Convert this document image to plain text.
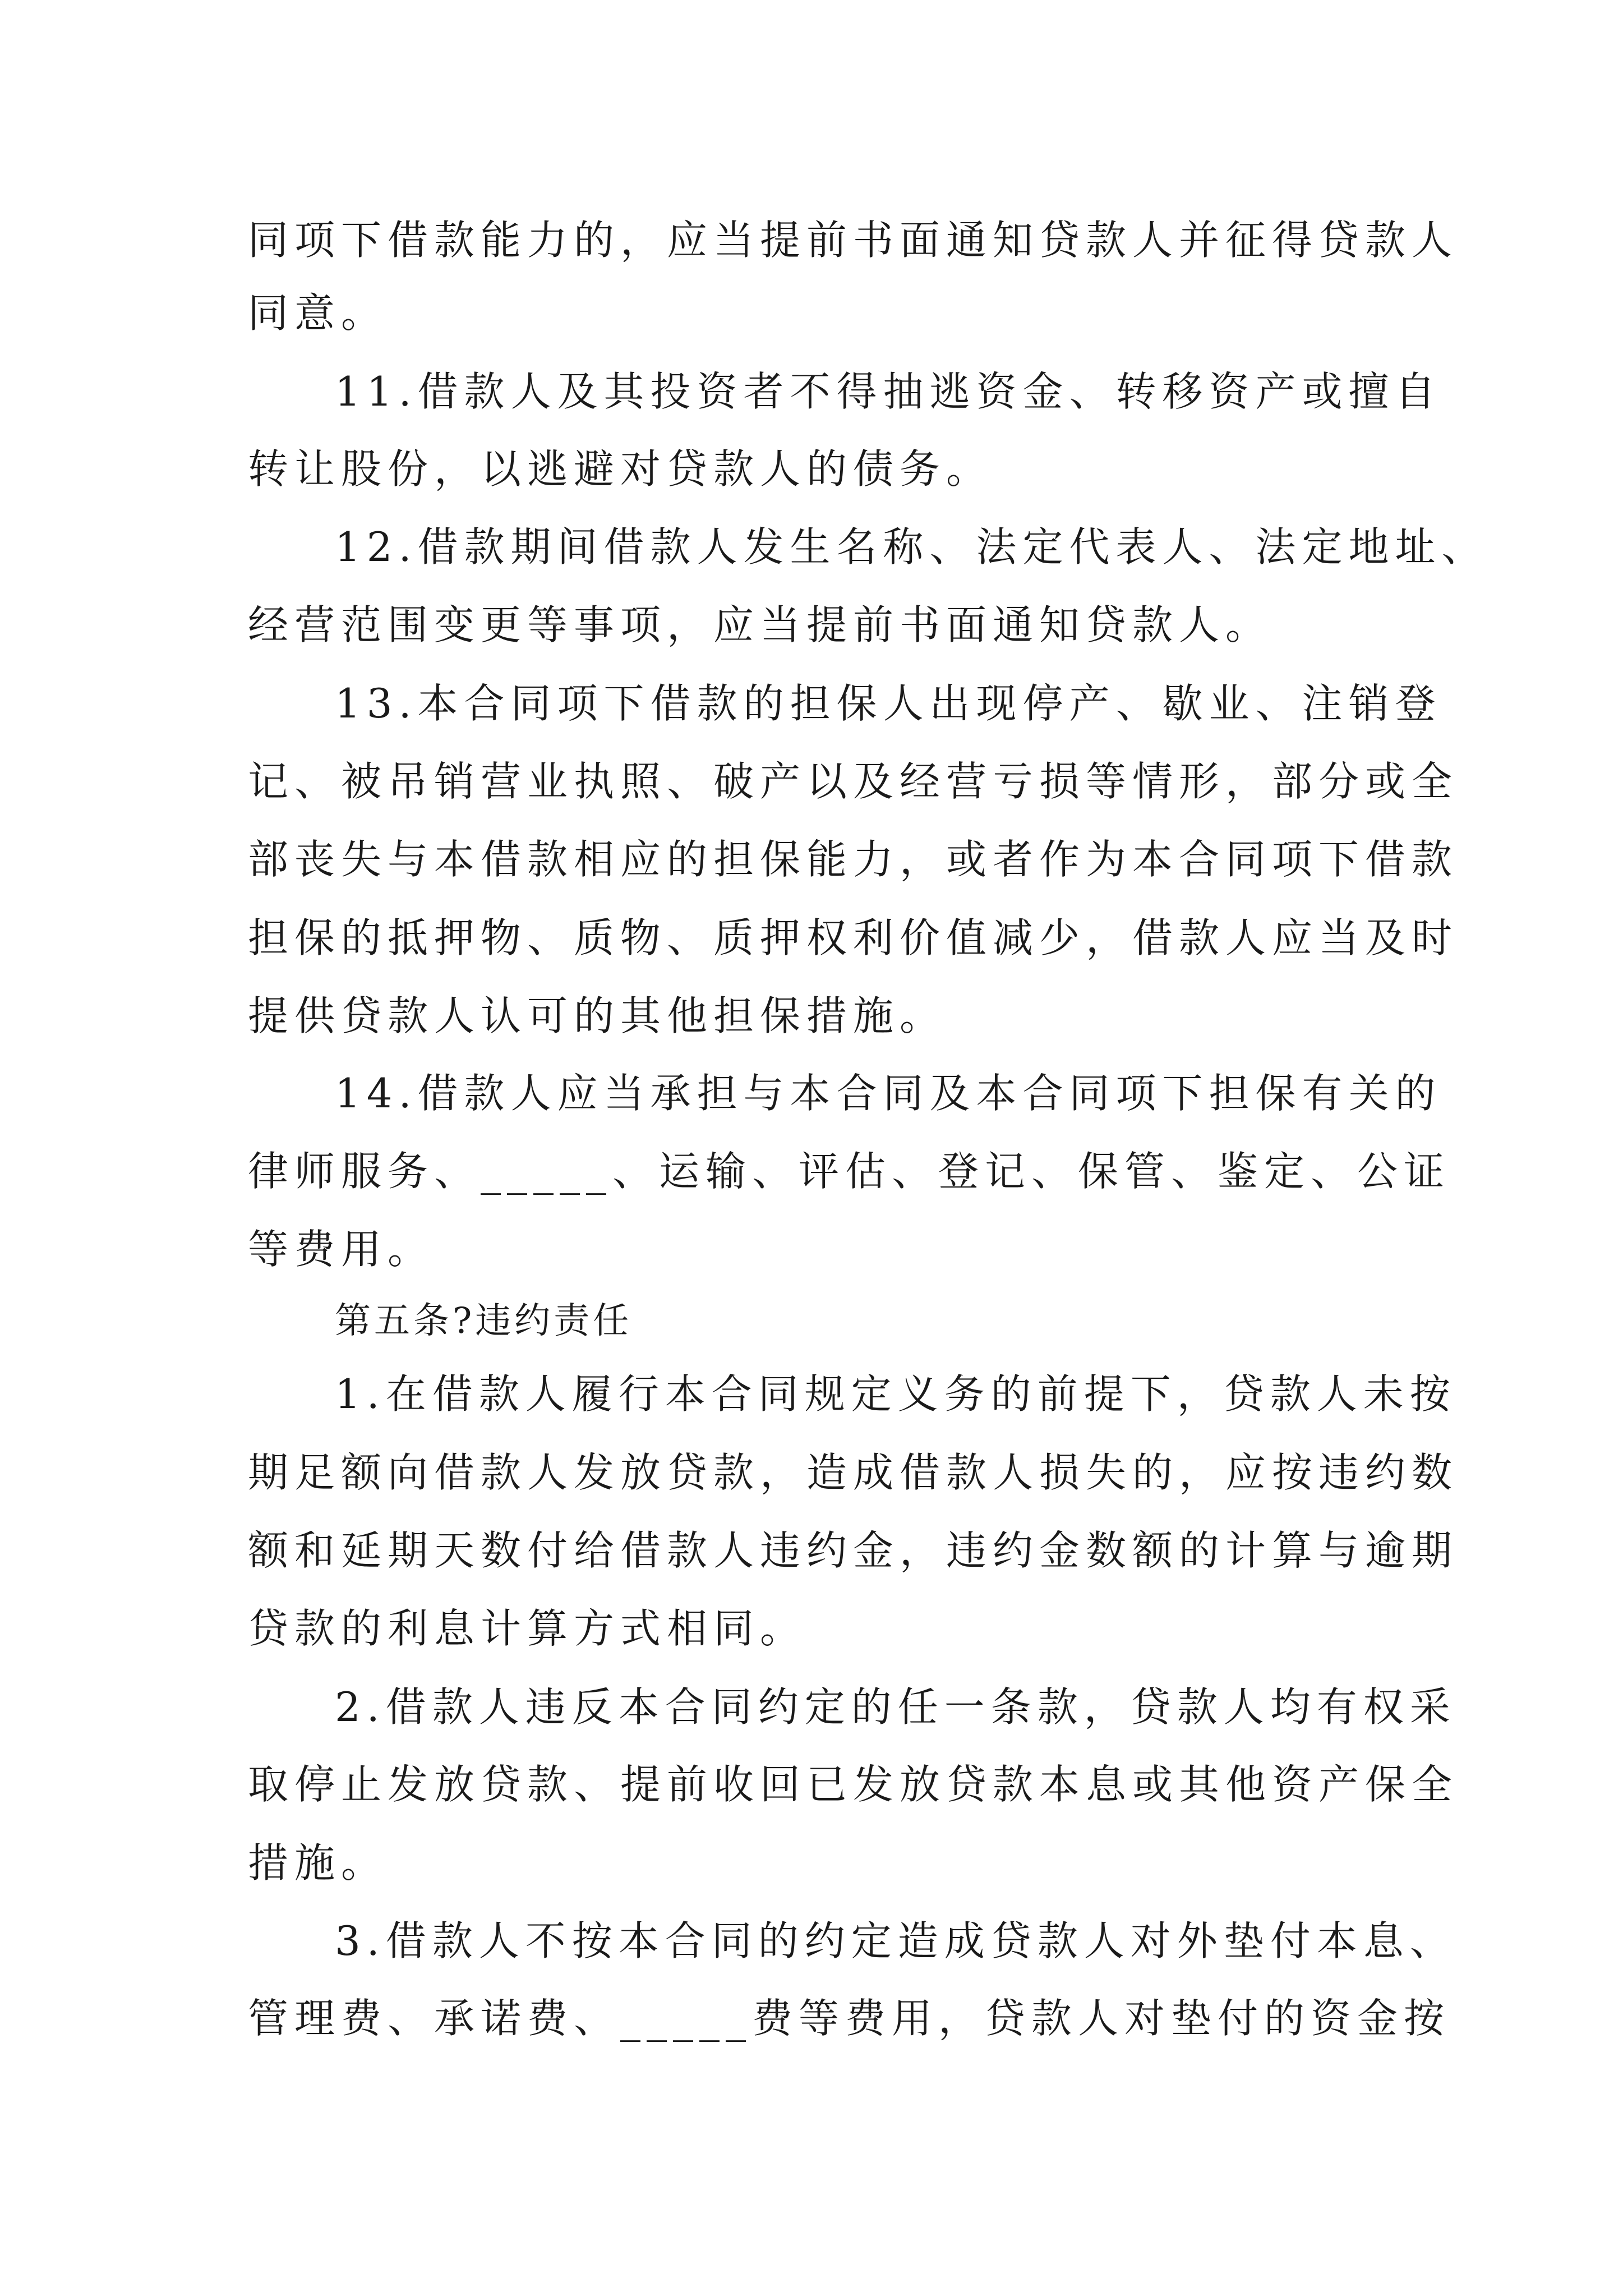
同项下借款能力的，应当提前书面通知贷款人并征得贷款人
同意。
11.借款人及其投资者不得抽逃资金、转移资产或擅自
转让股份，以逃避对贷款人的债务。
12.借款期间借款人发生名称、法定代表人、法定地址、
经营范围变更等事项，应当提前书面通知贷款人。
13.本合同项下借款的担保人出现停产、歇业、注销登
记、被吊销营业执照、破产以及经营亏损等情形，部分或全
部丧失与本借款相应的担保能力，或者作为本合同项下借款
担保的抵押物、质物、质押权利价值减少，借款人应当及时
提供贷款人认可的其他担保措施。
14.借款人应当承担与本合同及本合同项下担保有关的
律师服务、_____、运输、评估、登记、保管、鉴定、公证
等费用。
第五条?违约责任
1.在借款人履行本合同规定义务的前提下，贷款人未按
期足额向借款人发放贷款，造成借款人损失的，应按违约数
额和延期天数付给借款人违约金，违约金数额的计算与逾期
贷款的利息计算方式相同。
2.借款人违反本合同约定的任一条款，贷款人均有权采
取停止发放贷款、提前收回已发放贷款本息或其他资产保全
措施。
3.借款人不按本合同的约定造成贷款人对外垫付本息、
管理费、承诺费、_____费等费用，贷款人对垫付的资金按
